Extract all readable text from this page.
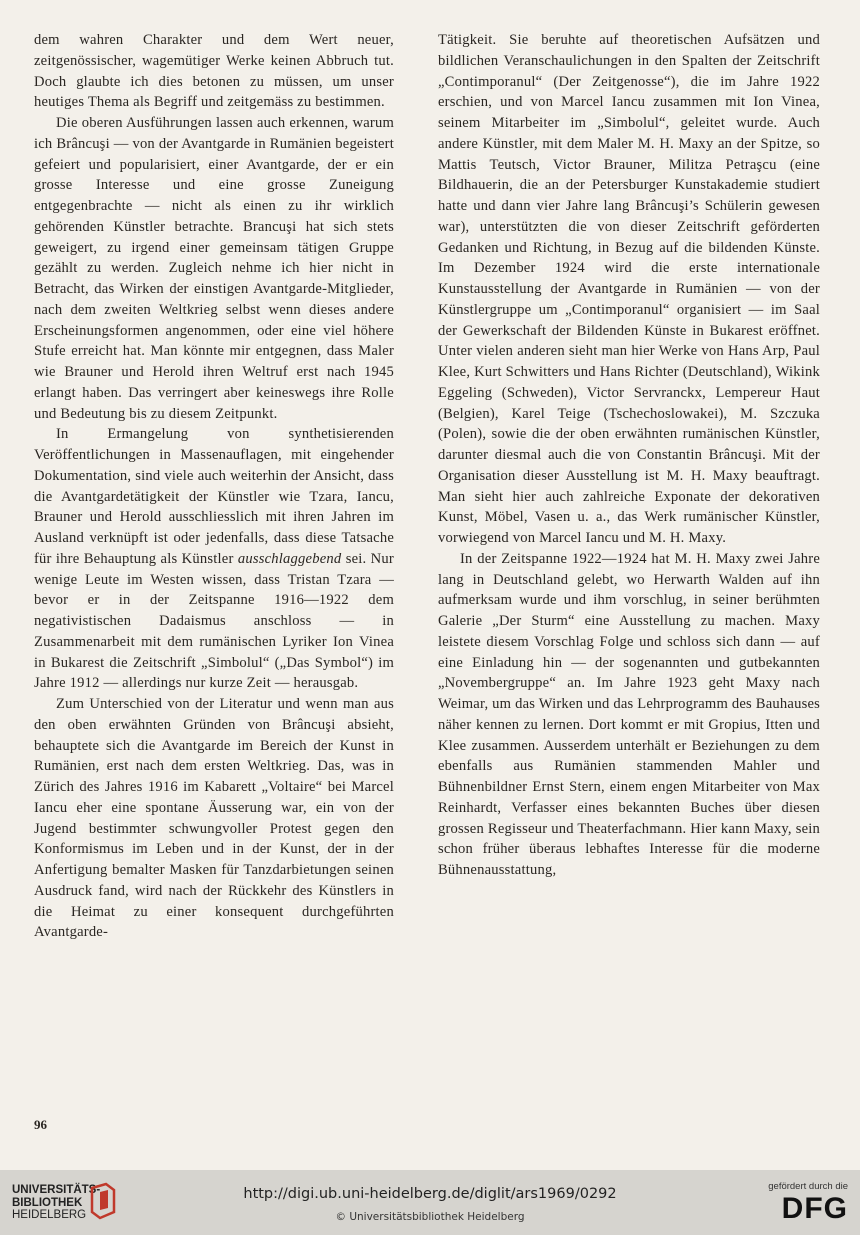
dem wahren Charakter und dem Wert neuer, zeitgenössischer, wagemütiger Werke keinen Abbruch tut. Doch glaubte ich dies betonen zu müssen, um unser heutiges Thema als Begriff und zeitgemäss zu bestimmen.

Die oberen Ausführungen lassen auch erkennen, warum ich Brâncuşi — von der Avantgarde in Rumänien begeistert gefeiert und popularisiert, einer Avantgarde, der er ein grosse Interesse und eine grosse Zuneigung entgegenbrachte — nicht als einen zu ihr wirklich gehörenden Künstler betrachte. Brancuşi hat sich stets geweigert, zu irgend einer gemeinsam tätigen Gruppe gezählt zu werden. Zugleich nehme ich hier nicht in Betracht, das Wirken der einstigen Avantgarde-Mitglieder, nach dem zweiten Weltkrieg selbst wenn dieses andere Erscheinungsformen angenommen, oder eine viel höhere Stufe erreicht hat. Man könnte mir entgegnen, dass Maler wie Brauner und Herold ihren Weltruf erst nach 1945 erlangt haben. Das verringert aber keineswegs ihre Rolle und Bedeutung bis zu diesem Zeitpunkt.

In Ermangelung von synthetisierenden Veröffentlichungen in Massenauflagen, mit eingehender Dokumentation, sind viele auch weiterhin der Ansicht, dass die Avantgardetätigkeit der Künstler wie Tzara, Iancu, Brauner und Herold ausschliesslich mit ihren Jahren im Ausland verknüpft ist oder jedenfalls, dass diese Tatsache für ihre Behauptung als Künstler ausschlaggebend sei. Nur wenige Leute im Westen wissen, dass Tristan Tzara — bevor er in der Zeitspanne 1916—1922 dem negativistischen Dadaismus anschloss — in Zusammenarbeit mit dem rumänischen Lyriker Ion Vinea in Bukarest die Zeitschrift „Simbolul“ („Das Symbol“) im Jahre 1912 — allerdings nur kurze Zeit — herausgab.

Zum Unterschied von der Literatur und wenn man aus den oben erwähnten Gründen von Brâncuşi absieht, behauptete sich die Avantgarde im Bereich der Kunst in Rumänien, erst nach dem ersten Weltkrieg. Das, was in Zürich des Jahres 1916 im Kabarett „Voltaire“ bei Marcel Iancu eher eine spontane Äusserung war, ein von der Jugend bestimmter schwungvoller Protest gegen den Konformismus im Leben und in der Kunst, der in der Anfertigung bemalter Masken für Tanzdarbietungen seinen Ausdruck fand, wird nach der Rückkehr des Künstlers in die Heimat zu einer konsequent durchgeführten Avantgarde-

Tätigkeit. Sie beruhte auf theoretischen Aufsätzen und bildlichen Veranschaulichungen in den Spalten der Zeitschrift „Contimporanul“ (Der Zeitgenosse“), die im Jahre 1922 erschien, und von Marcel Iancu zusammen mit Ion Vinea, seinem Mitarbeiter im „Simbolul“, geleitet wurde. Auch andere Künstler, mit dem Maler M. H. Maxy an der Spitze, so Mattis Teutsch, Victor Brauner, Militza Petraşcu (eine Bildhauerin, die an der Petersburger Kunstakademie studiert hatte und dann vier Jahre lang Brâncuşi’s Schülerin gewesen war), unterstützten die von dieser Zeitschrift geförderten Gedanken und Richtung, in Bezug auf die bildenden Künste. Im Dezember 1924 wird die erste internationale Kunstausstellung der Avantgarde in Rumänien — von der Künstlergruppe um „Contimporanul“ organisiert — im Saal der Gewerkschaft der Bildenden Künste in Bukarest eröffnet. Unter vielen anderen sieht man hier Werke von Hans Arp, Paul Klee, Kurt Schwitters und Hans Richter (Deutschland), Wikink Eggeling (Schweden), Victor Servranckx, Lempereur Haut (Belgien), Karel Teige (Tschechoslowakei), M. Szczuka (Polen), sowie die der oben erwähnten rumänischen Künstler, darunter diesmal auch die von Constantin Brâncuşi. Mit der Organisation dieser Ausstellung ist M. H. Maxy beauftragt. Man sieht hier auch zahlreiche Exponate der dekorativen Kunst, Möbel, Vasen u. a., das Werk rumänischer Künstler, vorwiegend von Marcel Iancu und M. H. Maxy.

In der Zeitspanne 1922—1924 hat M. H. Maxy zwei Jahre lang in Deutschland gelebt, wo Herwarth Walden auf ihn aufmerksam wurde und ihm vorschlug, in seiner berühmten Galerie „Der Sturm“ eine Ausstellung zu machen. Maxy leistete diesem Vorschlag Folge und schloss sich dann — auf eine Einladung hin — der sogenannten und gutbekannten „Novembergruppe“ an. Im Jahre 1923 geht Maxy nach Weimar, um das Wirken und das Lehrprogramm des Bauhauses näher kennen zu lernen. Dort kommt er mit Gropius, Itten und Klee zusammen. Ausserdem unterhält er Beziehungen zu dem ebenfalls aus Rumänien stammenden Mahler und Bühnenbildner Ernst Stern, einem engen Mitarbeiter von Max Reinhardt, Verfasser eines bekannten Buches über diesen grossen Regisseur und Theaterfachmann. Hier kann Maxy, sein schon früher überaus lebhaftes Interesse für die moderne Bühnenausstattung,

96
UNIVERSITÄTS-
BIBLIOTHEK
HEIDELBERG
http://digi.ub.uni-heidelberg.de/diglit/ars1969/0292
© Universitätsbibliothek Heidelberg
gefördert durch die
DFG
